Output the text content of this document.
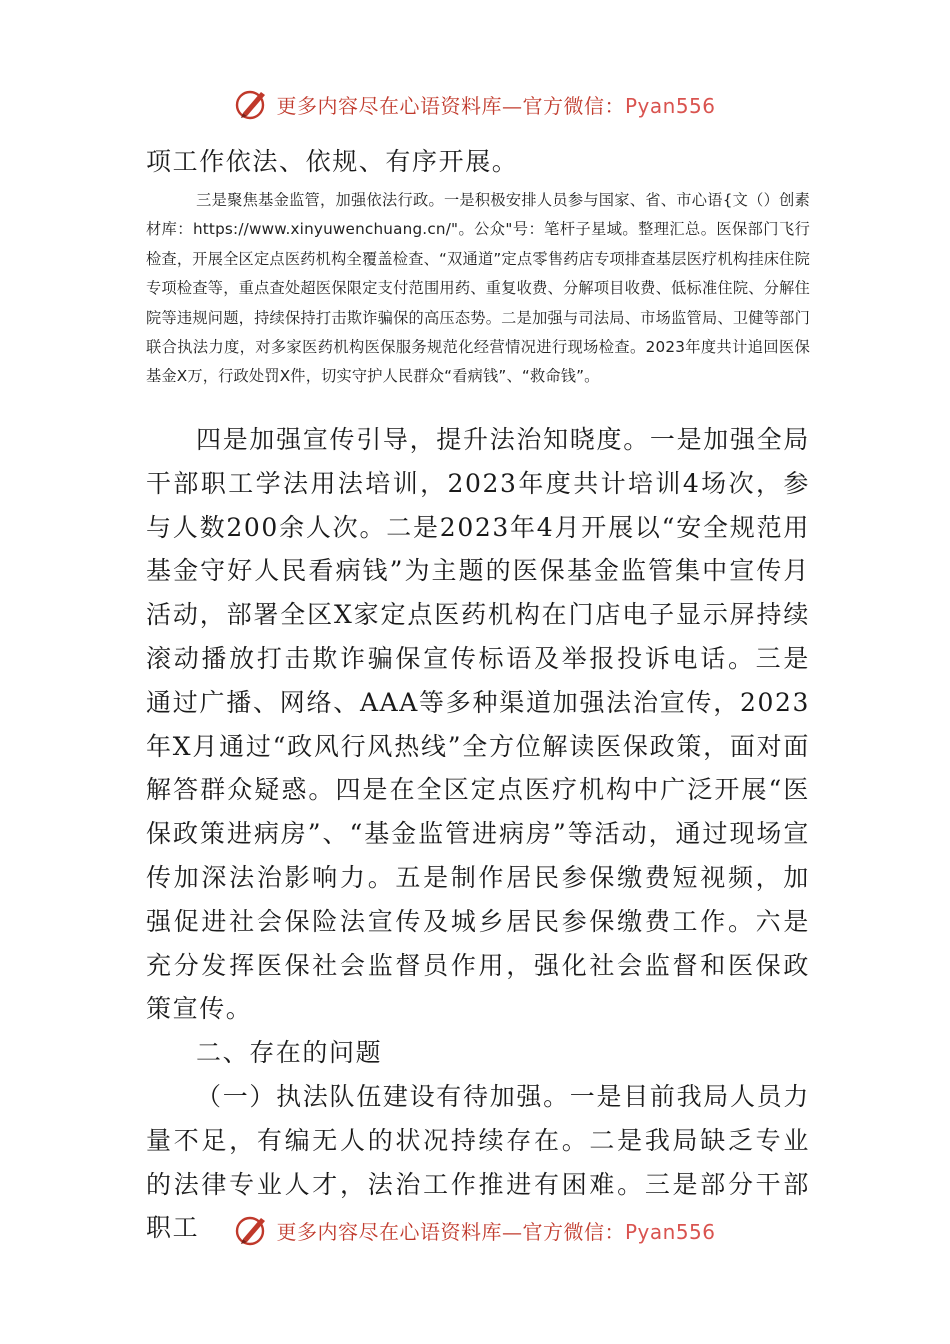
更多内容尽在心语资料库—官方微信：Pyan556

项工作依法、依规、有序开展。

三是聚焦基金监管，加强依法行政。一是积极安排人员参与国家、省、市心语{文（）创素材库：https://www.xinyuwenchuang.cn/"。公众"号：笔杆子星域。整理汇总。医保部门飞行检查，开展全区定点医药机构全覆盖检查、“双通道”定点零售药店专项排查基层医疗机构挂床住院专项检查等，重点查处超医保限定支付范围用药、重复收费、分解项目收费、低标准住院、分解住院等违规问题，持续保持打击欺诈骗保的高压态势。二是加强与司法局、市场监管局、卫健等部门联合执法力度，对多家医药机构医保服务规范化经营情况进行现场检查。2023年度共计追回医保基金X万，行政处罚X件，切实守护人民群众“看病钱”、“救命钱”。

四是加强宣传引导，提升法治知晓度。一是加强全局干部职工学法用法培训，2023年度共计培训4场次，参与人数200余人次。二是2023年4月开展以“安全规范用基金守好人民看病钱”为主题的医保基金监管集中宣传月活动，部署全区X家定点医药机构在门店电子显示屏持续滚动播放打击欺诈骗保宣传标语及举报投诉电话。三是通过广播、网络、AAA等多种渠道加强法治宣传，2023年X月通过“政风行风热线”全方位解读医保政策，面对面解答群众疑惑。四是在全区定点医疗机构中广泛开展“医保政策进病房”、“基金监管进病房”等活动，通过现场宣传加深法治影响力。五是制作居民参保缴费短视频，加强促进社会保险法宣传及城乡居民参保缴费工作。六是充分发挥医保社会监督员作用，强化社会监督和医保政策宣传。

二、存在的问题

（一）执法队伍建设有待加强。一是目前我局人员力量不足，有编无人的状况持续存在。二是我局缺乏专业的法律专业人才，法治工作推进有困难。三是部分干部职工	更多内容尽在心语资料库—官方微信：Pyan556
